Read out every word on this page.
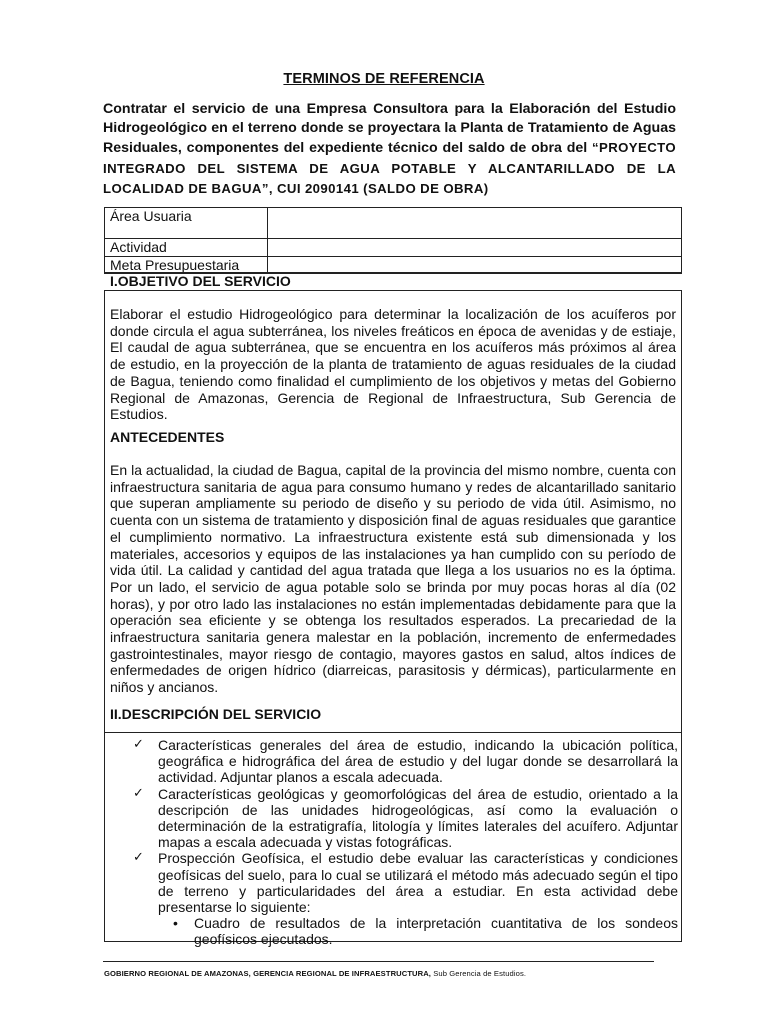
TERMINOS DE REFERENCIA
Contratar el servicio de una Empresa Consultora para la Elaboración del Estudio Hidrogeológico en el terreno donde se proyectara la Planta de Tratamiento de Aguas Residuales, componentes del expediente técnico del saldo de obra del “PROYECTO INTEGRADO DEL SISTEMA DE AGUA POTABLE Y ALCANTARILLADO DE LA LOCALIDAD DE BAGUA”, CUI 2090141 (SALDO DE OBRA)
Área Usuaria	
Actividad	
Meta Presupuestaria	
I.OBJETIVO DEL SERVICIO
Elaborar el estudio Hidrogeológico para determinar la localización de los acuíferos por donde circula el agua subterránea, los niveles freáticos en época de avenidas y de estiaje, El caudal de agua subterránea, que se encuentra en los acuíferos más próximos al área de estudio, en la proyección de la planta de tratamiento de aguas residuales de la ciudad de Bagua, teniendo como finalidad el cumplimiento de los objetivos y metas del Gobierno Regional de Amazonas, Gerencia de Regional de Infraestructura, Sub Gerencia de Estudios.
ANTECEDENTES
En la actualidad, la ciudad de Bagua, capital de la provincia del mismo nombre, cuenta con infraestructura sanitaria de agua para consumo humano y redes de alcantarillado sanitario que superan ampliamente su periodo de diseño y su periodo de vida útil. Asimismo, no cuenta con un sistema de tratamiento y disposición final de aguas residuales que garantice el cumplimiento normativo. La infraestructura existente está sub dimensionada y los materiales, accesorios y equipos de las instalaciones ya han cumplido con su período de vida útil. La calidad y cantidad del agua tratada que llega a los usuarios no es la óptima. Por un lado, el servicio de agua potable solo se brinda por muy pocas horas al día (02 horas), y por otro lado las instalaciones no están implementadas debidamente para que la operación sea eficiente y se obtenga los resultados esperados. La precariedad de la infraestructura sanitaria genera malestar en la población, incremento de enfermedades gastrointestinales, mayor riesgo de contagio, mayores gastos en salud, altos índices de enfermedades de origen hídrico (diarreicas, parasitosis y dérmicas), particularmente en niños y ancianos.
II.DESCRIPCIÓN DEL SERVICIO
✓ Características generales del área de estudio, indicando la ubicación política, geográfica e hidrográfica del área de estudio y del lugar donde se desarrollará la actividad. Adjuntar planos a escala adecuada.
✓ Características geológicas y geomorfológicas del área de estudio, orientado a la descripción de las unidades hidrogeológicas, así como la evaluación o determinación de la estratigrafía, litología y límites laterales del acuífero. Adjuntar mapas a escala adecuada y vistas fotográficas.
✓ Prospección Geofísica, el estudio debe evaluar las características y condiciones geofísicas del suelo, para lo cual se utilizará el método más adecuado según el tipo de terreno y particularidades del área a estudiar. En esta actividad debe presentarse lo siguiente:
•	Cuadro de resultados de la interpretación cuantitativa de los sondeos geofísicos ejecutados.
GOBIERNO REGIONAL DE AMAZONAS, GERENCIA REGIONAL DE INFRAESTRUCTURA, Sub Gerencia de Estudios.
